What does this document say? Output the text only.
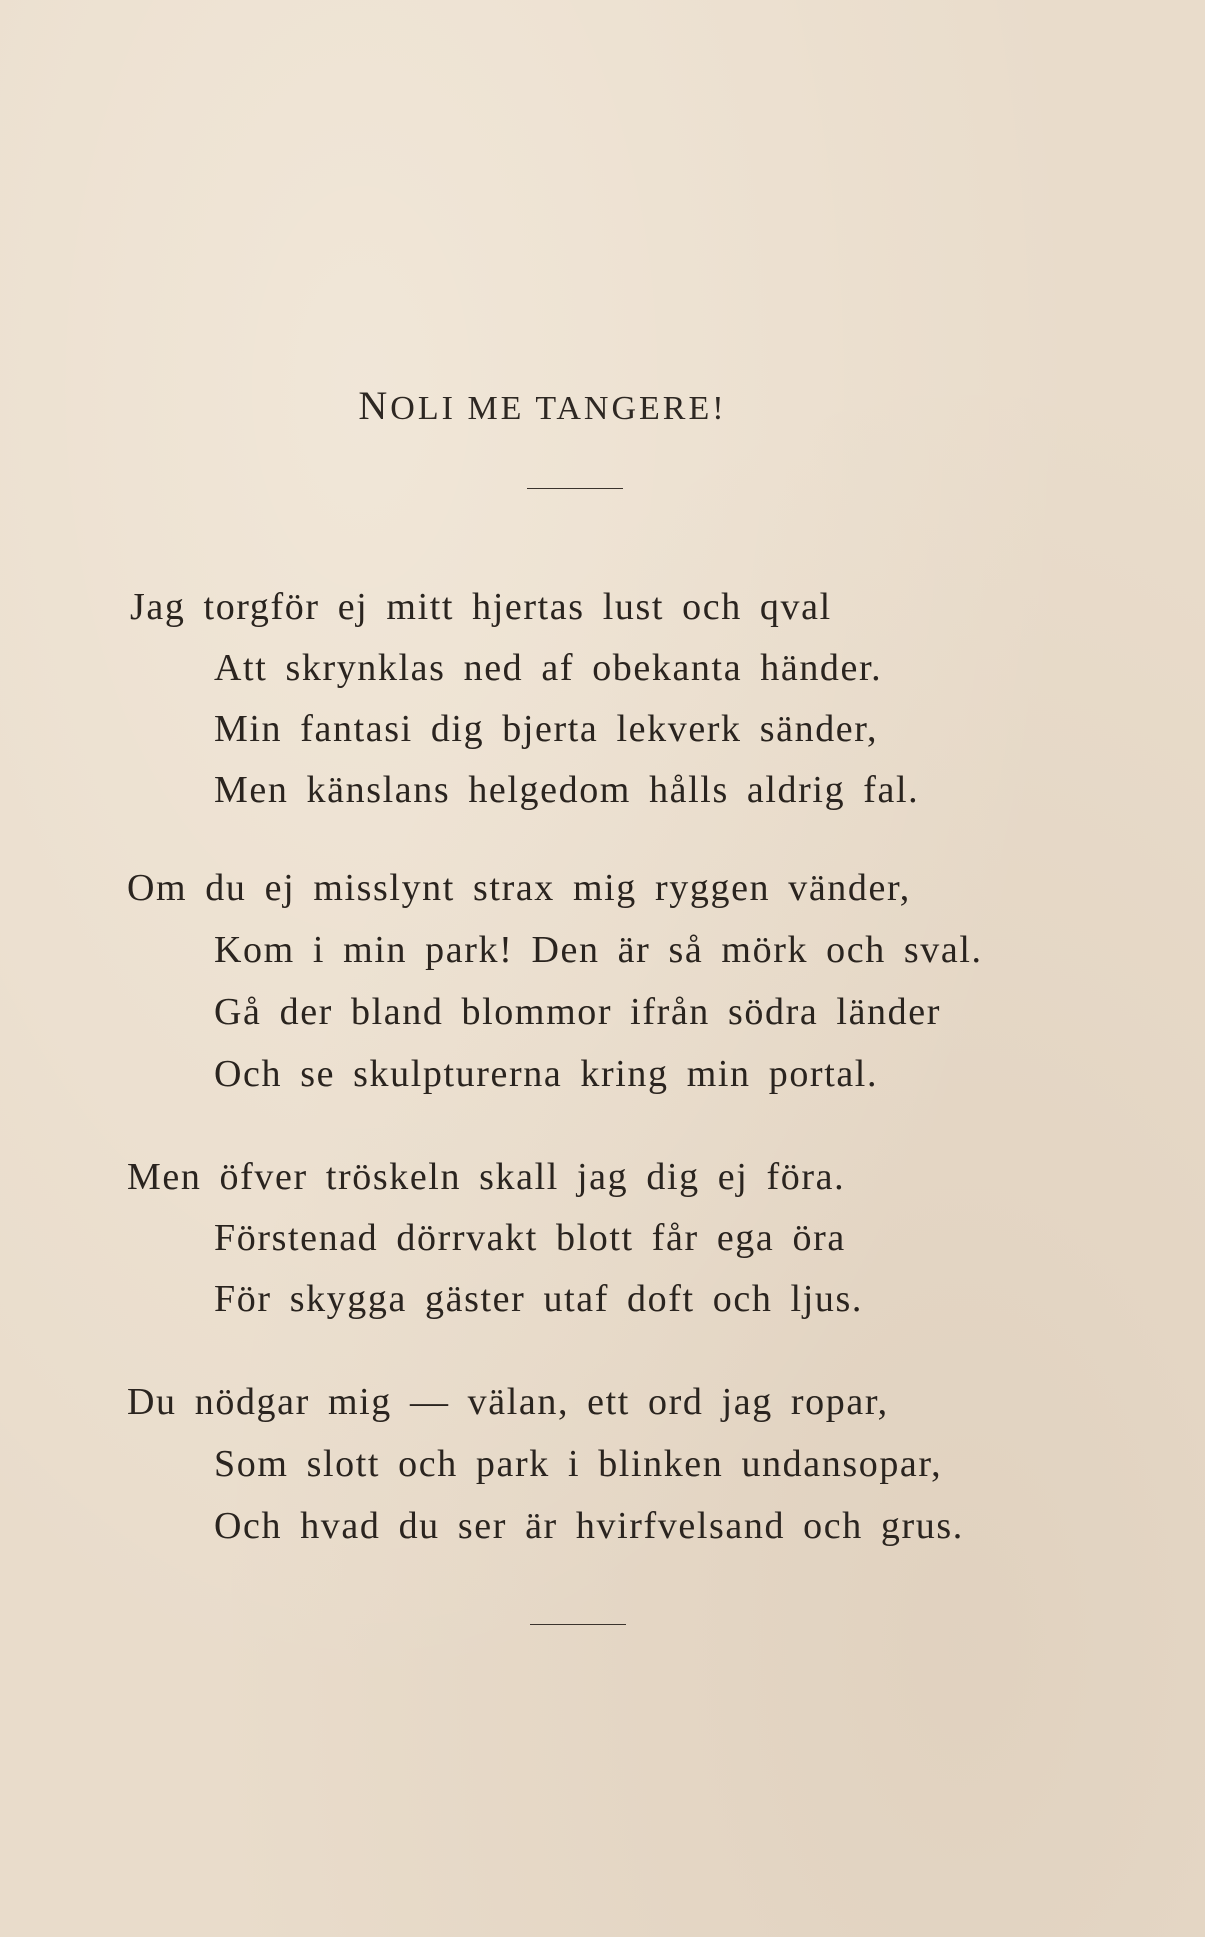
NOLI ME TANGERE!
Jag torgför ej mitt hjertas lust och qval
Att skrynklas ned af obekanta händer.
Min fantasi dig bjerta lekverk sänder,
Men känslans helgedom hålls aldrig fal.
Om du ej misslynt strax mig ryggen vänder,
Kom i min park! Den är så mörk och sval.
Gå der bland blommor ifrån södra länder
Och se skulpturerna kring min portal.
Men öfver tröskeln skall jag dig ej föra.
Förstenad dörrvakt blott får ega öra
För skygga gäster utaf doft och ljus.
Du nödgar mig — välan, ett ord jag ropar,
Som slott och park i blinken undansopar,
Och hvad du ser är hvirfvelsand och grus.
